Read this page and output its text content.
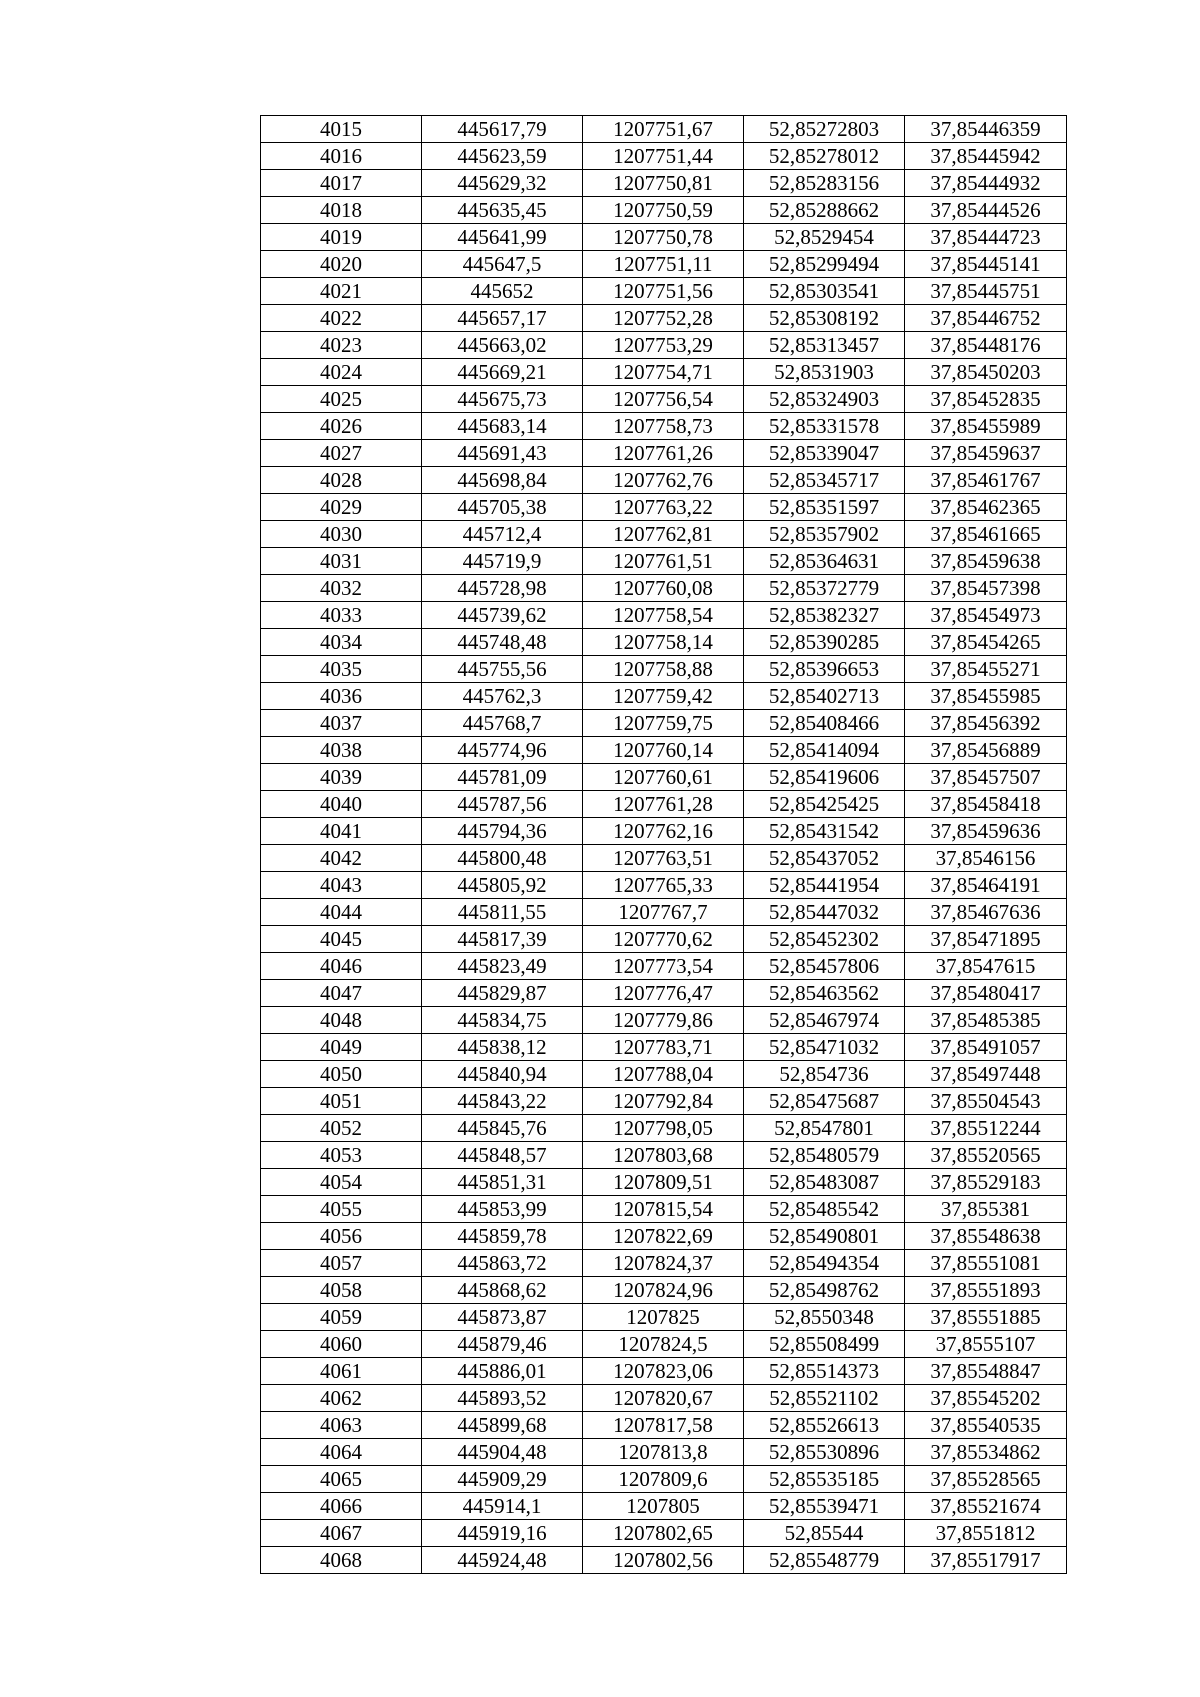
4015	445617,79	1207751,67	52,85272803	37,85446359
4016	445623,59	1207751,44	52,85278012	37,85445942
4017	445629,32	1207750,81	52,85283156	37,85444932
4018	445635,45	1207750,59	52,85288662	37,85444526
4019	445641,99	1207750,78	52,8529454	37,85444723
4020	445647,5	1207751,11	52,85299494	37,85445141
4021	445652	1207751,56	52,85303541	37,85445751
4022	445657,17	1207752,28	52,85308192	37,85446752
4023	445663,02	1207753,29	52,85313457	37,85448176
4024	445669,21	1207754,71	52,8531903	37,85450203
4025	445675,73	1207756,54	52,85324903	37,85452835
4026	445683,14	1207758,73	52,85331578	37,85455989
4027	445691,43	1207761,26	52,85339047	37,85459637
4028	445698,84	1207762,76	52,85345717	37,85461767
4029	445705,38	1207763,22	52,85351597	37,85462365
4030	445712,4	1207762,81	52,85357902	37,85461665
4031	445719,9	1207761,51	52,85364631	37,85459638
4032	445728,98	1207760,08	52,85372779	37,85457398
4033	445739,62	1207758,54	52,85382327	37,85454973
4034	445748,48	1207758,14	52,85390285	37,85454265
4035	445755,56	1207758,88	52,85396653	37,85455271
4036	445762,3	1207759,42	52,85402713	37,85455985
4037	445768,7	1207759,75	52,85408466	37,85456392
4038	445774,96	1207760,14	52,85414094	37,85456889
4039	445781,09	1207760,61	52,85419606	37,85457507
4040	445787,56	1207761,28	52,85425425	37,85458418
4041	445794,36	1207762,16	52,85431542	37,85459636
4042	445800,48	1207763,51	52,85437052	37,8546156
4043	445805,92	1207765,33	52,85441954	37,85464191
4044	445811,55	1207767,7	52,85447032	37,85467636
4045	445817,39	1207770,62	52,85452302	37,85471895
4046	445823,49	1207773,54	52,85457806	37,8547615
4047	445829,87	1207776,47	52,85463562	37,85480417
4048	445834,75	1207779,86	52,85467974	37,85485385
4049	445838,12	1207783,71	52,85471032	37,85491057
4050	445840,94	1207788,04	52,854736	37,85497448
4051	445843,22	1207792,84	52,85475687	37,85504543
4052	445845,76	1207798,05	52,8547801	37,85512244
4053	445848,57	1207803,68	52,85480579	37,85520565
4054	445851,31	1207809,51	52,85483087	37,85529183
4055	445853,99	1207815,54	52,85485542	37,855381
4056	445859,78	1207822,69	52,85490801	37,85548638
4057	445863,72	1207824,37	52,85494354	37,85551081
4058	445868,62	1207824,96	52,85498762	37,85551893
4059	445873,87	1207825	52,8550348	37,85551885
4060	445879,46	1207824,5	52,85508499	37,8555107
4061	445886,01	1207823,06	52,85514373	37,85548847
4062	445893,52	1207820,67	52,85521102	37,85545202
4063	445899,68	1207817,58	52,85526613	37,85540535
4064	445904,48	1207813,8	52,85530896	37,85534862
4065	445909,29	1207809,6	52,85535185	37,85528565
4066	445914,1	1207805	52,85539471	37,85521674
4067	445919,16	1207802,65	52,85544	37,8551812
4068	445924,48	1207802,56	52,85548779	37,85517917
